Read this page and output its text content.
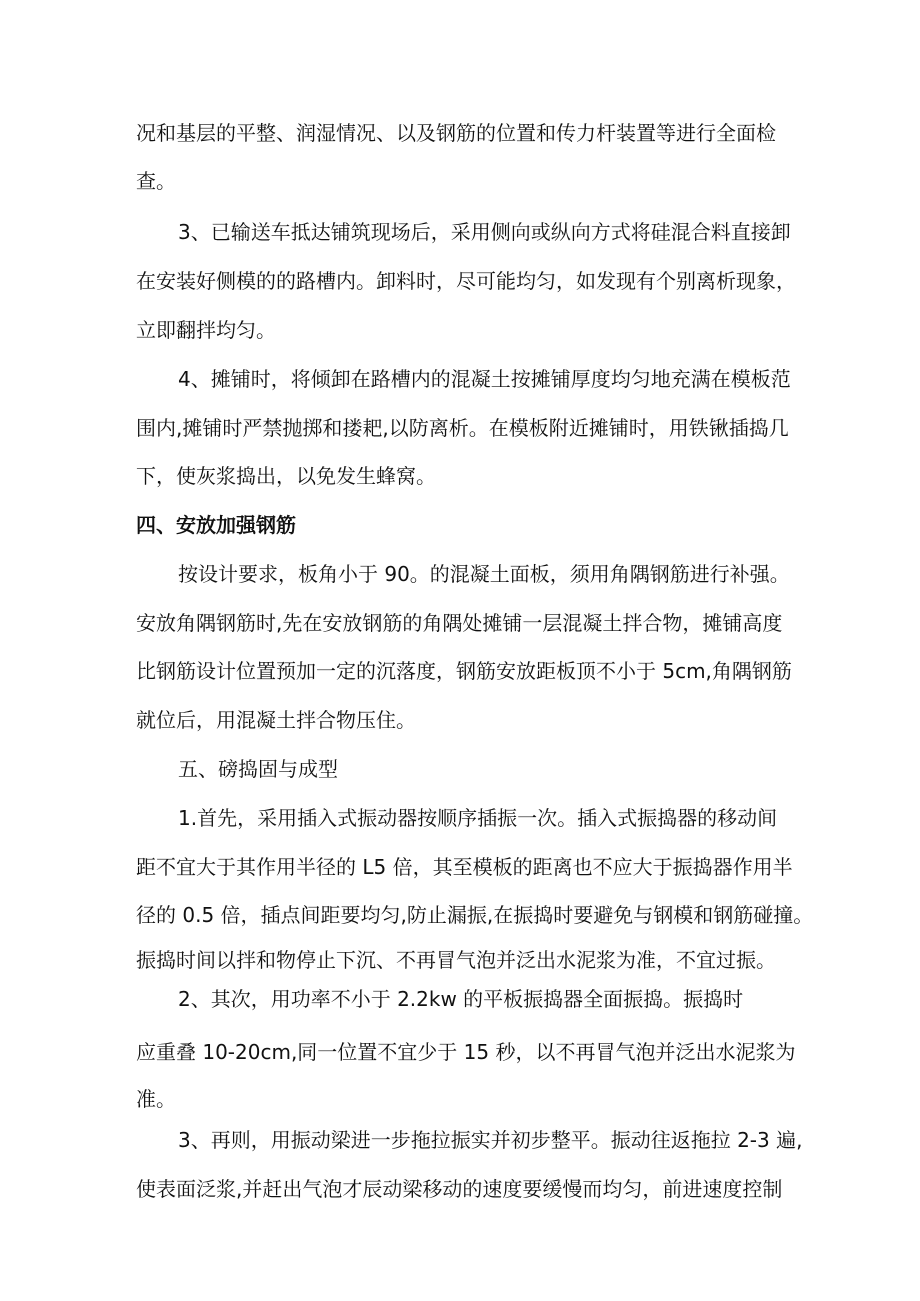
况和基层的平整、润湿情况、以及钢筋的位置和传力杆装置等进行全面检
查。
3、已输送车抵达铺筑现场后，采用侧向或纵向方式将硅混合料直接卸
在安装好侧模的的路槽内。卸料时，尽可能均匀，如发现有个别离析现象，
立即翻拌均匀。
4、摊铺时，将倾卸在路槽内的混凝土按摊铺厚度均匀地充满在模板范
围内,摊铺时严禁抛掷和搂耙,以防离析。在模板附近摊铺时，用铁锹插捣几
下，使灰浆捣出，以免发生蜂窝。
四、安放加强钢筋
按设计要求，板角小于 90。的混凝土面板，须用角隅钢筋进行补强。
安放角隅钢筋时,先在安放钢筋的角隅处摊铺一层混凝土拌合物，摊铺高度
比钢筋设计位置预加一定的沉落度，钢筋安放距板顶不小于 5cm,角隅钢筋
就位后，用混凝土拌合物压住。
五、磅捣固与成型
1.首先，采用插入式振动器按顺序插振一次。插入式振捣器的移动间
距不宜大于其作用半径的 L5 倍，其至模板的距离也不应大于振捣器作用半
径的 0.5 倍，插点间距要均匀,防止漏振,在振捣时要避免与钢模和钢筋碰撞。
振捣时间以拌和物停止下沉、不再冒气泡并泛出水泥浆为准，不宜过振。
2、其次，用功率不小于 2.2kw 的平板振捣器全面振捣。振捣时
应重叠 10-20cm,同一位置不宜少于 15 秒，以不再冒气泡并泛出水泥浆为
准。
3、再则，用振动梁进一步拖拉振实并初步整平。振动往返拖拉 2-3 遍,
使表面泛浆,并赶出气泡才辰动梁移动的速度要缓慢而均匀，前进速度控制
